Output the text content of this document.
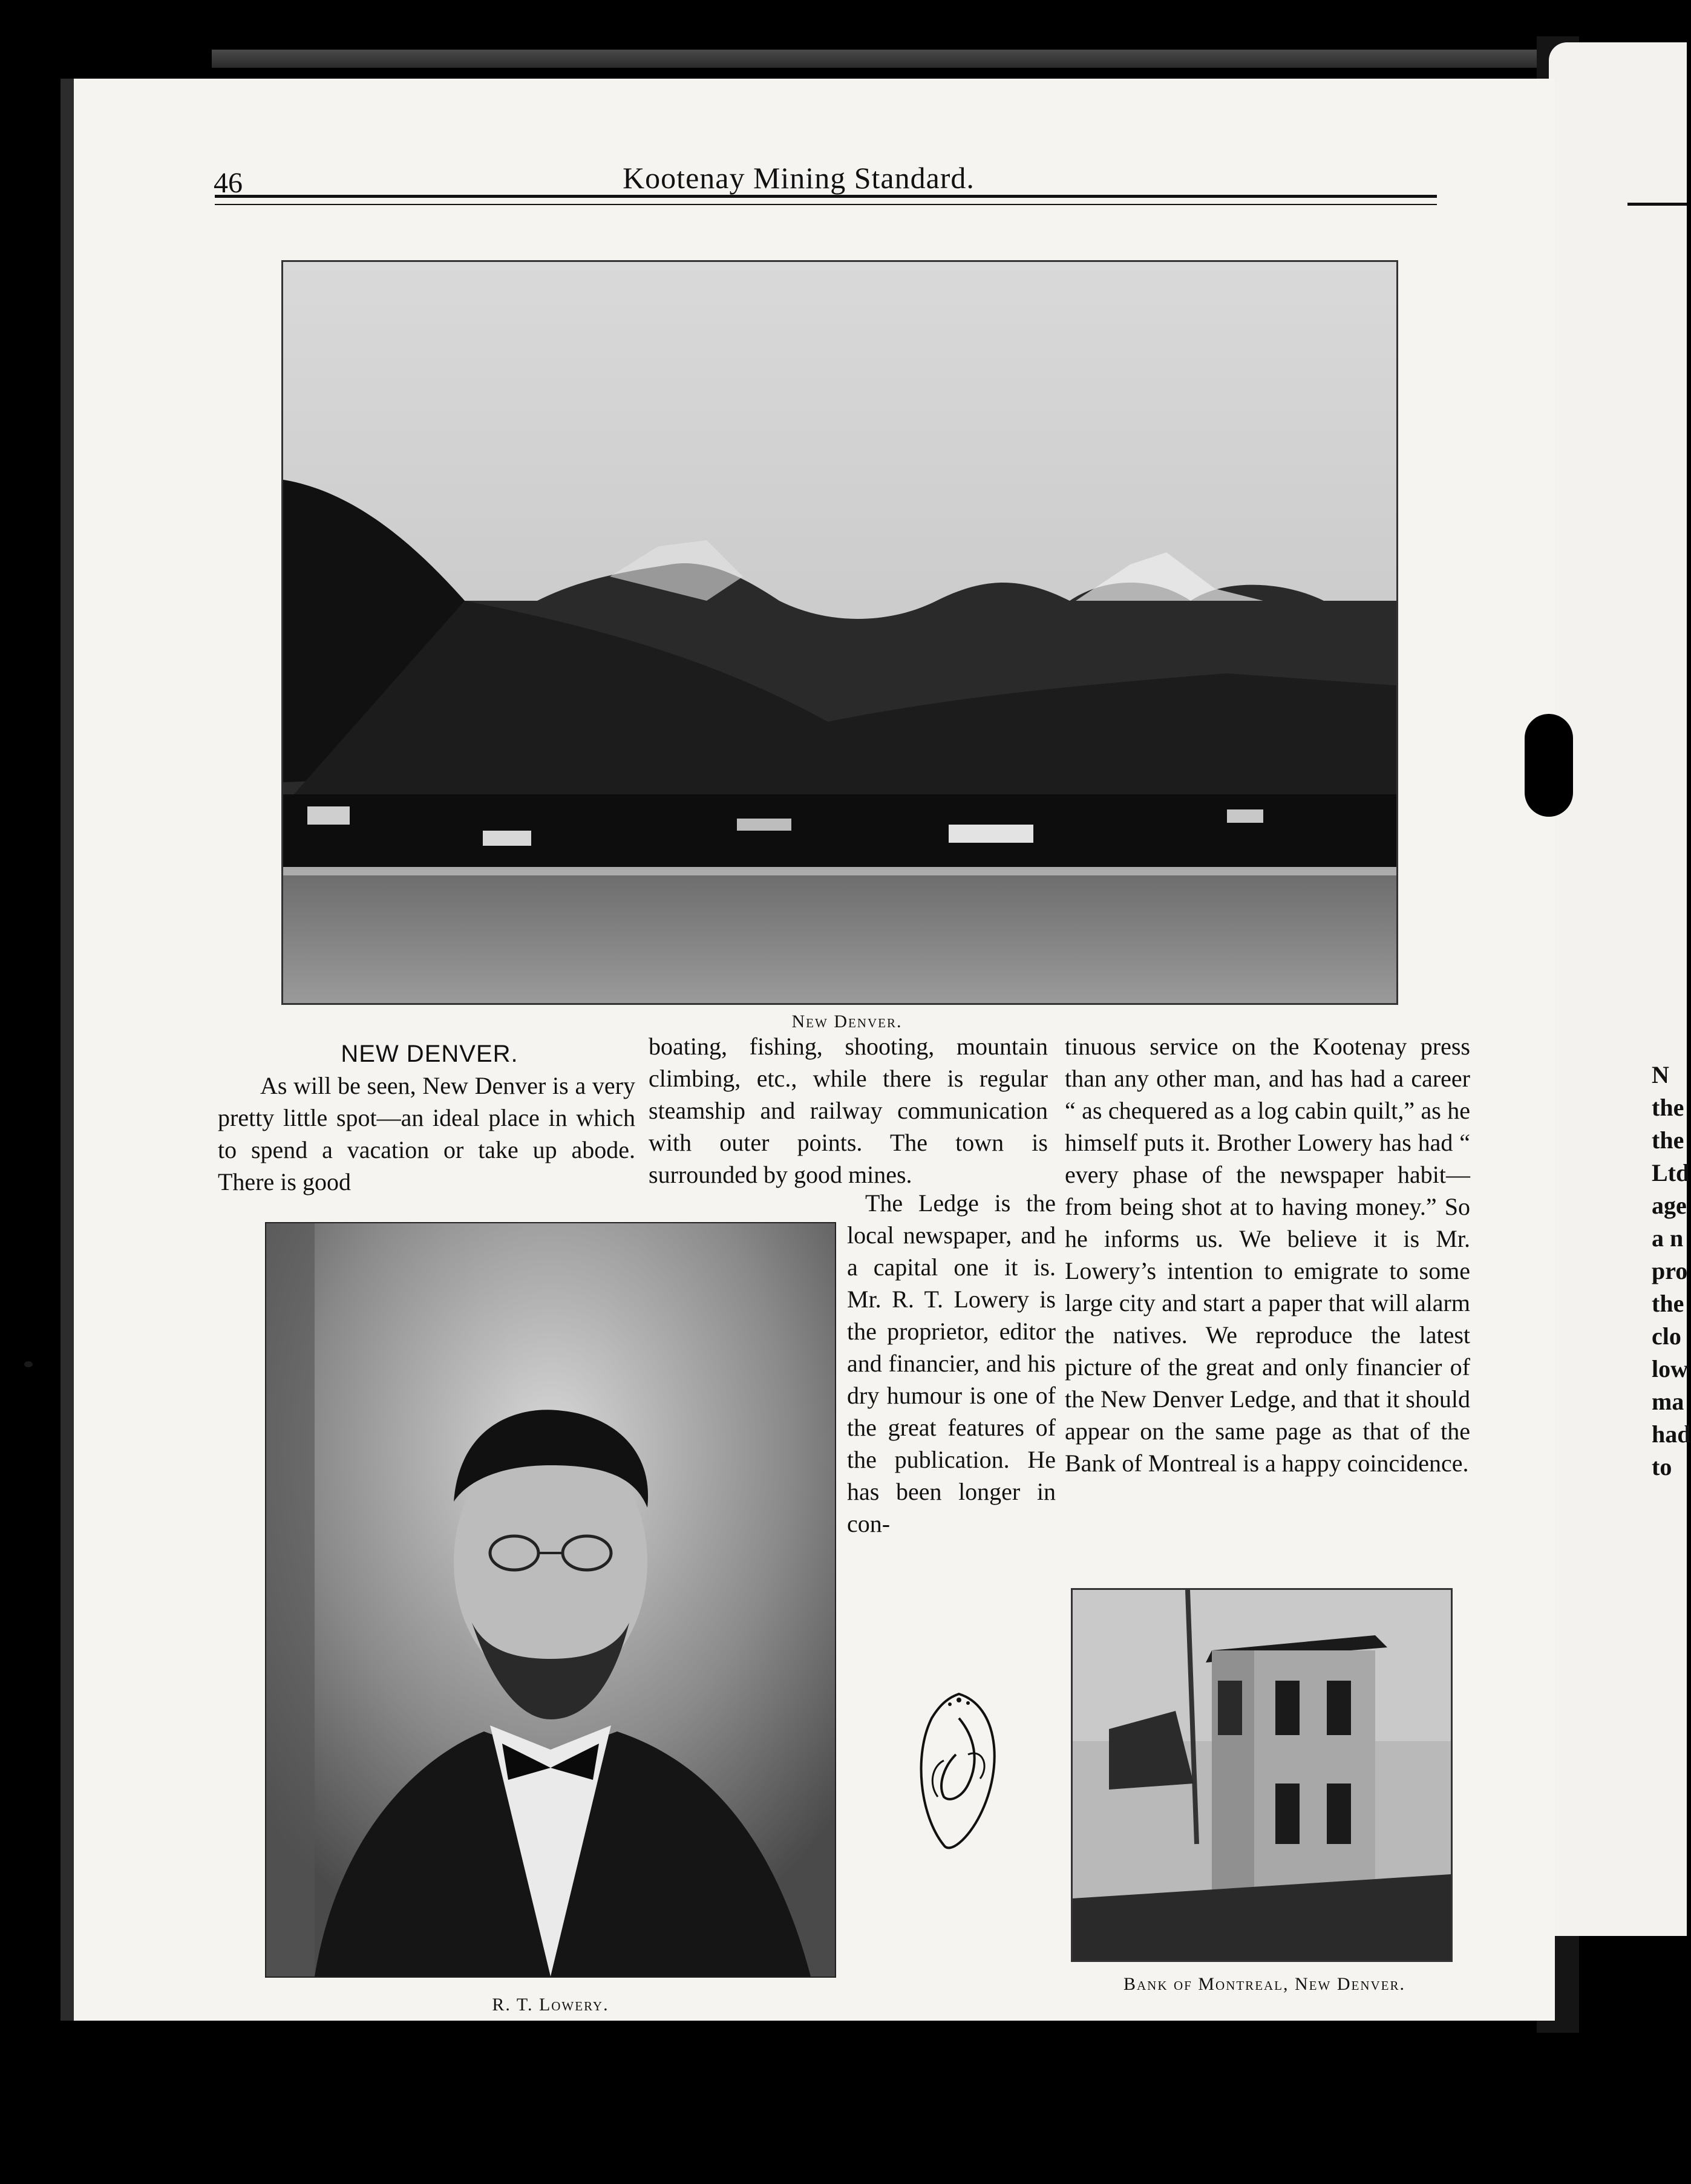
N
the
the
Ltd
age
a n
pro
the
clo
low
ma
had
to
46	Kootenay Mining Standard.
New Denver.
NEW DENVER.

As will be seen, New Denver is a very pretty little spot—an ideal place in which to spend a vacation or take up abode. There is good

boating, fishing, shooting, mountain climbing, etc., while there is regular steamship and railway communication with outer points. The town is surrounded by good mines.

The Ledge is the local newspaper, and a capital one it is. Mr. R. T. Lowery is the proprietor, editor and financier, and his dry humour is one of the great features of the publication. He has been longer in con-

tinuous service on the Kootenay press than any other man, and has had a career “ as chequered as a log cabin quilt,” as he himself puts it. Brother Lowery has had “ every phase of the newspaper habit—from being shot at to having money.” So he informs us. We believe it is Mr. Lowery’s intention to emigrate to some large city and start a paper that will alarm the natives. We reproduce the latest picture of the great and only financier of the New Denver Ledge, and that it should appear on the same page as that of the Bank of Montreal is a happy coincidence.

R. T. Lowery.
Bank of Montreal, New Denver.
